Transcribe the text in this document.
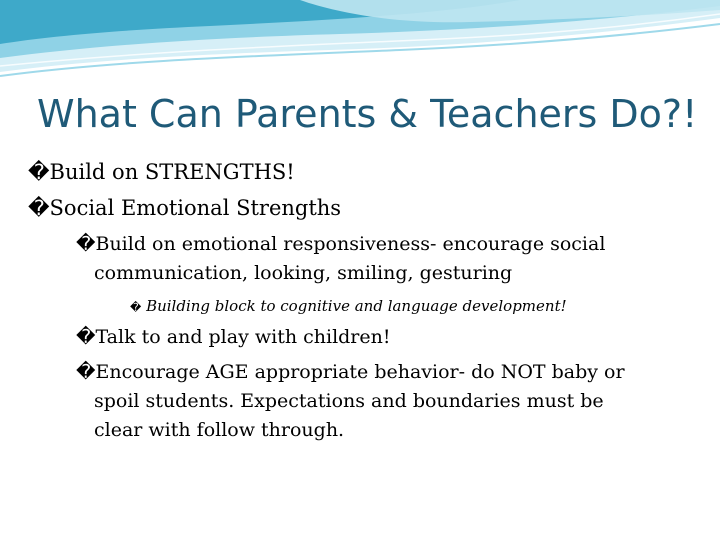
What Can Parents & Teachers Do?!
�Build on STRENGTHS!
�Social Emotional Strengths
�Build on emotional responsiveness- encourage social
communication, looking, smiling, gesturing
� Building block to cognitive and language development!
�Talk to and play with children!
�Encourage AGE appropriate behavior- do NOT baby or
spoil students. Expectations and boundaries must be
clear with follow through.
